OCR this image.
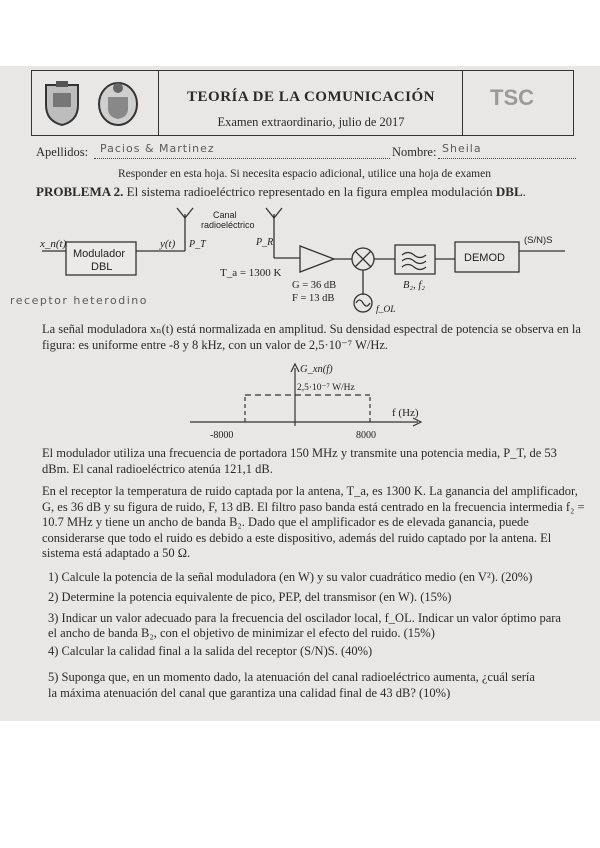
TEORÍA DE LA COMUNICACIÓN
Examen extraordinario, julio de 2017
TSC
Apellidos: Pacios & Martinez	Nombre: Sheila
Responder en esta hoja. Si necesita espacio adicional, utilice una hoja de examen
PROBLEMA 2. El sistema radioeléctrico representado en la figura emplea modulación DBL.
Canal
radioeléctrico
x_n(t)
Modulador
DBL
y(t) P_T	P_R
T_a = 1300 K
G = 36 dB
F = 13 dB
B₂, f₂
DEMOD
(S/N)S
f_OL
receptor heterodino
La señal moduladora xₙ(t) está normalizada en amplitud. Su densidad espectral de potencia se observa en la figura: es uniforme entre -8 y 8 kHz, con un valor de 2,5·10⁻⁷ W/Hz.
G_xn(f)
2,5·10⁻⁷ W/Hz
f (Hz)
-8000	8000
El modulador utiliza una frecuencia de portadora 150 MHz y transmite una potencia media, P_T, de 53 dBm. El canal radioeléctrico atenúa 121,1 dB.
En el receptor la temperatura de ruido captada por la antena, T_a, es 1300 K. La ganancia del amplificador, G, es 36 dB y su figura de ruido, F, 13 dB. El filtro paso banda está centrado en la frecuencia intermedia f₂ = 10.7 MHz y tiene un ancho de banda B₂. Dado que el amplificador es de elevada ganancia, puede considerarse que todo el ruido es debido a este dispositivo, además del ruido captado por la antena. El sistema está adaptado a 50 Ω.
1) Calcule la potencia de la señal moduladora (en W) y su valor cuadrático medio (en V²). (20%)
2) Determine la potencia equivalente de pico, PEP, del transmisor (en W). (15%)
3) Indicar un valor adecuado para la frecuencia del oscilador local, f_OL. Indicar un valor óptimo para
el ancho de banda B₂, con el objetivo de minimizar el efecto del ruido. (15%)
4) Calcular la calidad final a la salida del receptor (S/N)S. (40%)
5) Suponga que, en un momento dado, la atenuación del canal radioeléctrico aumenta, ¿cuál sería
la máxima atenuación del canal que garantiza una calidad final de 43 dB? (10%)
